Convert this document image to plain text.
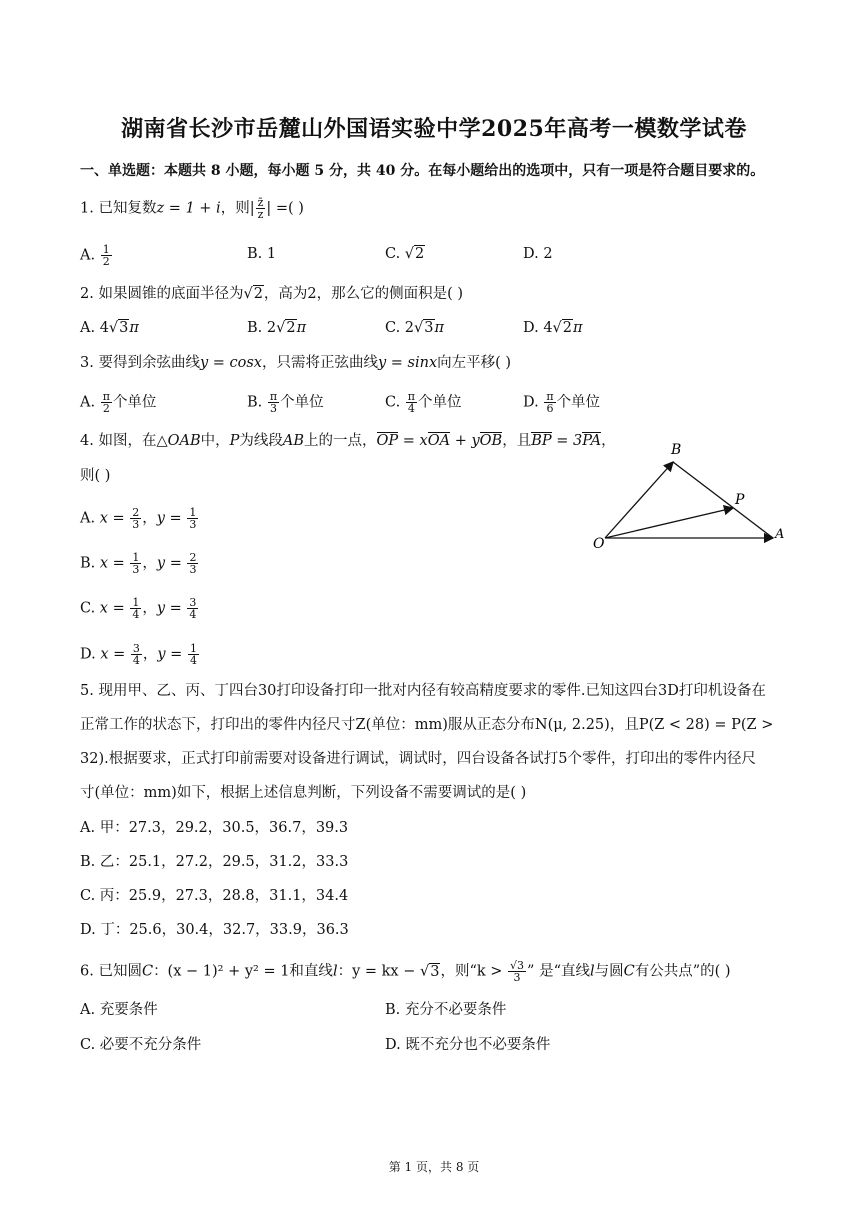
湖南省长沙市岳麓山外国语实验中学2025年高考一模数学试卷
一、单选题：本题共 8 小题，每小题 5 分，共 40 分。在每小题给出的选项中，只有一项是符合题目要求的。
1. 已知复数z = 1 + i，则| $\frac{z̄}{z}$ | =( )
A. $\frac{1}{2}$	B. 1	C. √2	D. 2
2. 如果圆锥的底面半径为√2，高为2，那么它的侧面积是( )
A. 4√3π	B. 2√2π	C. 2√3π	D. 4√2π
3. 要得到余弦曲线y = cosx，只需将正弦曲线y = sinx向左平移( )
A. $\frac{\pi}{2}$ 个单位	B. $\frac{\pi}{3}$ 个单位	C. $\frac{\pi}{4}$ 个单位	D. $\frac{\pi}{6}$ 个单位
4. 如图，在△OAB中，P为线段AB上的一点，OP = xOA + yOB，且BP = 3PA，
则( )
A. $x = \frac{2}{3}$ ，$y = \frac{1}{3}$
B. $x = \frac{1}{3}$ ，$y = \frac{2}{3}$
C. $x = \frac{1}{4}$ ，$y = \frac{3}{4}$
D. $x = \frac{3}{4}$ ，$y = \frac{1}{4}$
B
P
O
A
5. 现用甲、乙、丙、丁四台30打印设备打印一批对内径有较高精度要求的零件.已知这四台3D打印机设备在
正常工作的状态下，打印出的零件内径尺寸Z(单位：mm)服从正态分布N(μ, 2.25)，且P(Z < 28) = P(Z >
32).根据要求，正式打印前需要对设备进行调试，调试时，四台设备各试打5个零件，打印出的零件内径尺
寸(单位：mm)如下，根据上述信息判断，下列设备不需要调试的是( )
A. 甲：27.3，29.2，30.5，36.7，39.3
B. 乙：25.1，27.2，29.5，31.2，33.3
C. 丙：25.9，27.3，28.8，31.1，34.4
D. 丁：25.6，30.4，32.7，33.9，36.3
6. 已知圆C：(x − 1)² + y² = 1和直线l：y = kx − √3，则“$k > \frac{√3}{3}$ ” 是“直线l与圆C有公共点”的( )
A. 充要条件	B. 充分不必要条件
C. 必要不充分条件	D. 既不充分也不必要条件
第 1 页，共 8 页
